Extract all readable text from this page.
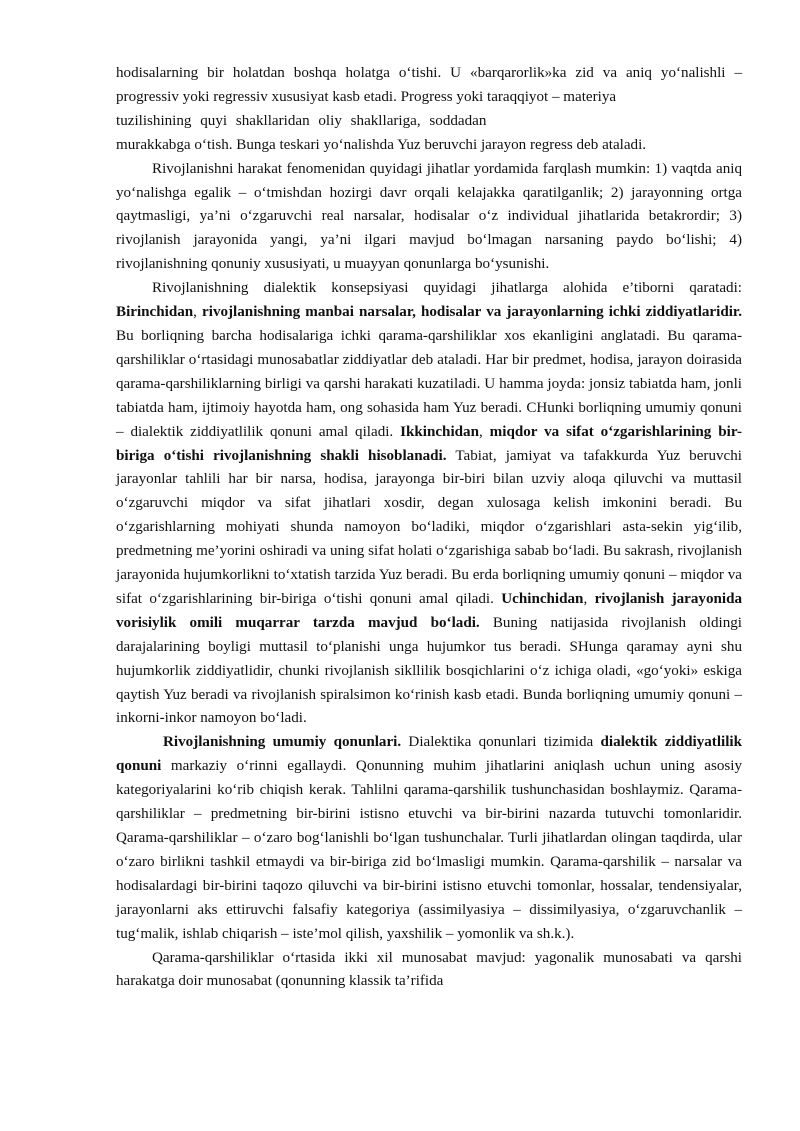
hodisalarning bir holatdan boshqa holatga o‘tishi. U «barqarorlik»ka zid va aniq yo‘nalishli – progressiv yoki regressiv xususiyat kasb etadi. Progress yoki taraqqiyot – materiya

tuzilishining quyi shakllaridan oliy shakllariga, soddadan

murakkabga o‘tish. Bunga teskari yo‘nalishda Yuz beruvchi jarayon regress deb ataladi.

Rivojlanishni harakat fenomenidan quyidagi jihatlar yordamida farqlash mumkin: 1) vaqtda aniq yo‘nalishga egalik – o‘tmishdan hozirgi davr orqali kelajakka qaratilganlik; 2) jarayonning ortga qaytmasligi, ya’ni o‘zgaruvchi real narsalar, hodisalar o‘z individual jihatlarida betakrordir; 3) rivojlanish jarayonida yangi, ya’ni ilgari mavjud bo‘lmagan narsaning paydo bo‘lishi; 4) rivojlanishning qonuniy xususiyati, u muayyan qonunlarga bo‘ysunishi.

Rivojlanishning dialektik konsepsiyasi quyidagi jihatlarga alohida e’tiborni qaratadi: Birinchidan, rivojlanishning manbai narsalar, hodisalar va jarayonlarning ichki ziddiyatlaridir. Bu borliqning barcha hodisalariga ichki qarama-qarshiliklar xos ekanligini anglatadi. Bu qarama-qarshiliklar o‘rtasidagi munosabatlar ziddiyatlar deb ataladi. Har bir predmet, hodisa, jarayon doirasida qarama-qarshiliklarning birligi va qarshi harakati kuzatiladi. U hamma joyda: jonsiz tabiatda ham, jonli tabiatda ham, ijtimoiy hayotda ham, ong sohasida ham Yuz beradi. CHunki borliqning umumiy qonuni – dialektik ziddiyatlilik qonuni amal qiladi. Ikkinchidan, miqdor va sifat o‘zgarishlarining bir-biriga o‘tishi rivojlanishning shakli hisoblanadi. Tabiat, jamiyat va tafakkurda Yuz beruvchi jarayonlar tahlili har bir narsa, hodisa, jarayonga bir-biri bilan uzviy aloqa qiluvchi va muttasil o‘zgaruvchi miqdor va sifat jihatlari xosdir, degan xulosaga kelish imkonini beradi. Bu o‘zgarishlarning mohiyati shunda namoyon bo‘ladiki, miqdor o‘zgarishlari asta-sekin yig‘ilib, predmetning me’yorini oshiradi va uning sifat holati o‘zgarishiga sabab bo‘ladi. Bu sakrash, rivojlanish jarayonida hujumkorlikni to‘xtatish tarzida Yuz beradi. Bu erda borliqning umumiy qonuni – miqdor va sifat o‘zgarishlarining bir-biriga o‘tishi qonuni amal qiladi. Uchinchidan, rivojlanish jarayonida vorisiylik omili muqarrar tarzda mavjud bo‘ladi. Buning natijasida rivojlanish oldingi darajalarining boyligi muttasil to‘planishi unga hujumkor tus beradi. SHunga qaramay ayni shu hujumkorlik ziddiyatlidir, chunki rivojlanish sikllilik bosqichlarini o‘z ichiga oladi, «go‘yoki» eskiga qaytish Yuz beradi va rivojlanish spiralsimon ko‘rinish kasb etadi. Bunda borliqning umumiy qonuni – inkorni-inkor namoyon bo‘ladi.

Rivojlanishning umumiy qonunlari. Dialektika qonunlari tizimida dialektik ziddiyatlilik qonuni markaziy o‘rinni egallaydi. Qonunning muhim jihatlarini aniqlash uchun uning asosiy kategoriyalarini ko‘rib chiqish kerak. Tahlilni qarama-qarshilik tushunchasidan boshlaymiz. Qarama-qarshiliklar – predmetning bir-birini istisno etuvchi va bir-birini nazarda tutuvchi tomonlaridir. Qarama-qarshiliklar – o‘zaro bog‘lanishli bo‘lgan tushunchalar. Turli jihatlardan olingan taqdirda, ular o‘zaro birlikni tashkil etmaydi va bir-biriga zid bo‘lmasligi mumkin. Qarama-qarshilik – narsalar va hodisalardagi bir-birini taqozo qiluvchi va bir-birini istisno etuvchi tomonlar, hossalar, tendensiyalar, jarayonlarni aks ettiruvchi falsafiy kategoriya (assimilyasiya – dissimilyasiya, o‘zgaruvchanlik – tug‘malik, ishlab chiqarish – iste’mol qilish, yaxshilik – yomonlik va sh.k.).

Qarama-qarshiliklar o‘rtasida ikki xil munosabat mavjud: yagonalik munosabati va qarshi harakatga doir munosabat (qonunning klassik ta’rifida
